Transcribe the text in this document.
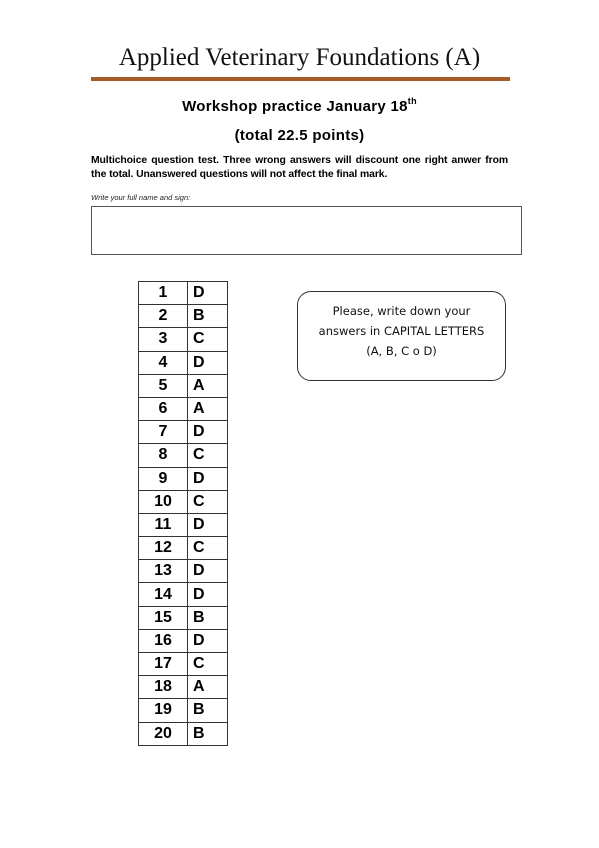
Applied Veterinary Foundations (A)
Workshop practice January 18th
(total 22.5 points)
Multichoice question test. Three wrong answers will discount one right anwer from the total. Unanswered questions will not affect the final mark.
Write your full name and sign:
1	D
2	B
3	C
4	D
5	A
6	A
7	D
8	C
9	D
10	C
11	D
12	C
13	D
14	D
15	B
16	D
17	C
18	A
19	B
20	B
Please, write down your
answers in CAPITAL LETTERS
(A, B, C o D)
